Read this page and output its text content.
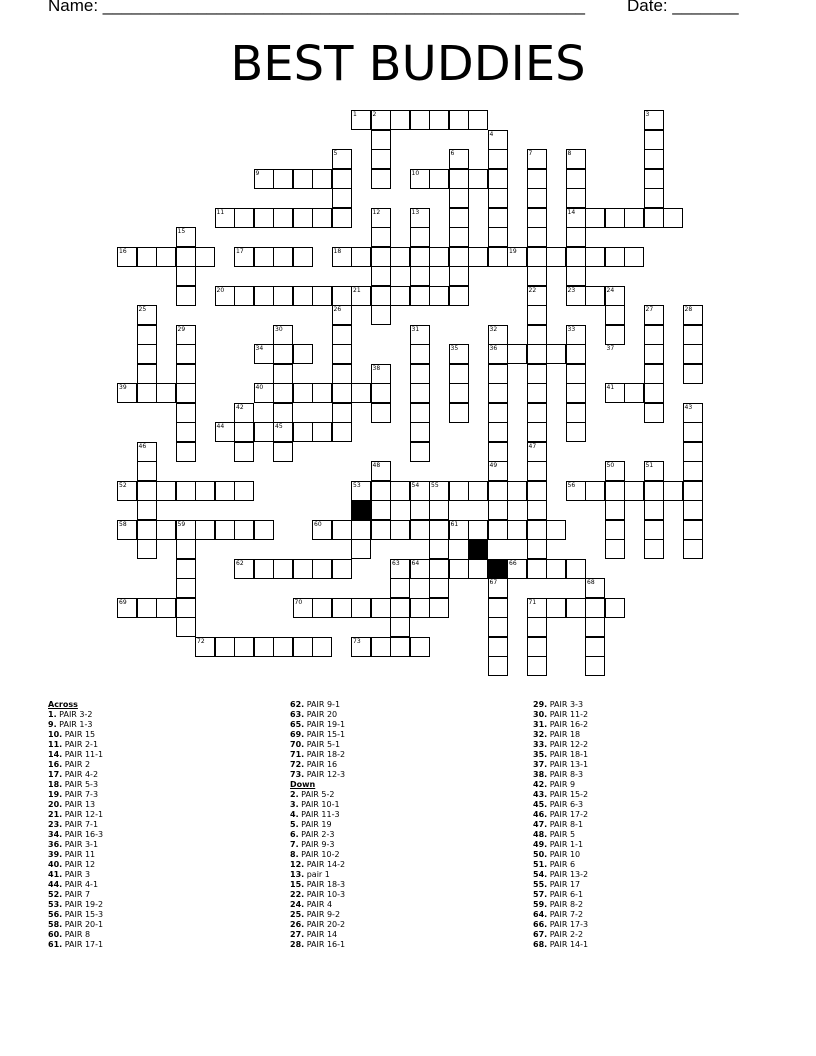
Name: ___________________________________________________ Date: _______
BEST BUDDIES
1	2	3
4
5	6	7	8
9	10
11	12	13	14
15
16	17	18	19
20	21	22	23	24
25	26	27	28
29	30	31	32	33
34	35	36	37
38
39	40	41
42	43
44	45
46	47
48	49	50	51
52	53	54 55	56
57
58	59	60	61
62	63 64	65 66
67	68
69	70	71
72	73
Across
1. PAIR 3-2
9. PAIR 1-3
10. PAIR 15
11. PAIR 2-1
14. PAIR 11-1
16. PAIR 2
17. PAIR 4-2
18. PAIR 5-3
19. PAIR 7-3
20. PAIR 13
21. PAIR 12-1
23. PAIR 7-1
34. PAIR 16-3
36. PAIR 3-1
39. PAIR 11
40. PAIR 12
41. PAIR 3
44. PAIR 4-1
52. PAIR 7
53. PAIR 19-2
56. PAIR 15-3
58. PAIR 20-1
60. PAIR 8
61. PAIR 17-1
62. PAIR 9-1
63. PAIR 20
65. PAIR 19-1
69. PAIR 15-1
70. PAIR 5-1
71. PAIR 18-2
72. PAIR 16
73. PAIR 12-3
Down
2. PAIR 5-2
3. PAIR 10-1
4. PAIR 11-3
5. PAIR 19
6. PAIR 2-3
7. PAIR 9-3
8. PAIR 10-2
12. PAIR 14-2
13. pair 1
15. PAIR 18-3
22. PAIR 10-3
24. PAIR 4
25. PAIR 9-2
26. PAIR 20-2
27. PAIR 14
28. PAIR 16-1
29. PAIR 3-3
30. PAIR 11-2
31. PAIR 16-2
32. PAIR 18
33. PAIR 12-2
35. PAIR 18-1
37. PAIR 13-1
38. PAIR 8-3
42. PAIR 9
43. PAIR 15-2
45. PAIR 6-3
46. PAIR 17-2
47. PAIR 8-1
48. PAIR 5
49. PAIR 1-1
50. PAIR 10
51. PAIR 6
54. PAIR 13-2
55. PAIR 17
57. PAIR 6-1
59. PAIR 8-2
64. PAIR 7-2
66. PAIR 17-3
67. PAIR 2-2
68. PAIR 14-1
